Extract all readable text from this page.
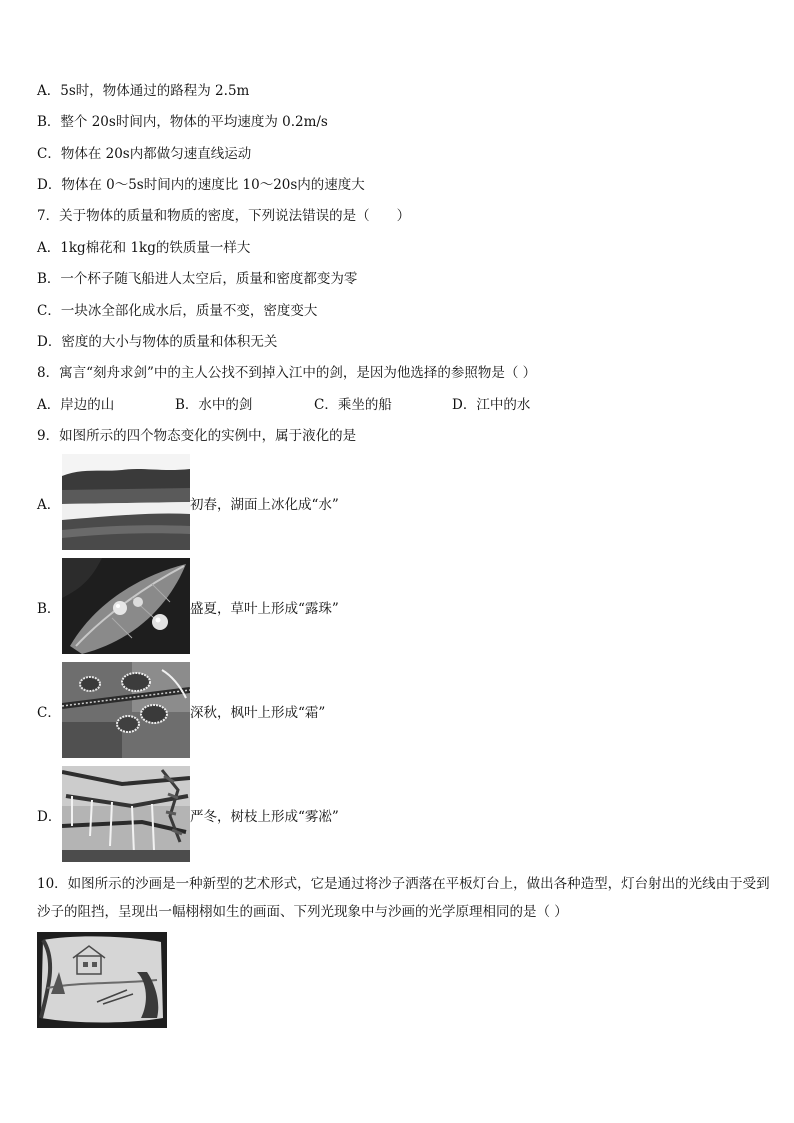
A．5s时，物体通过的路程为 2.5m
B．整个 20s时间内，物体的平均速度为 0.2m/s
C．物体在 20s内都做匀速直线运动
D．物体在 0～5s时间内的速度比 10～20s内的速度大
7．关于物体的质量和物质的密度，下列说法错误的是（　　）
A．1kg棉花和 1kg的铁质量一样大
B．一个杯子随飞船进人太空后，质量和密度都变为零
C．一块冰全部化成水后，质量不变，密度变大
D．密度的大小与物体的质量和体积无关
8．寓言“刻舟求剑”中的主人公找不到掉入江中的剑，是因为他选择的参照物是（ ）
A．岸边的山	B．水中的剑	C．乘坐的船	D．江中的水
9．如图所示的四个物态变化的实例中，属于液化的是
A．	初春，湖面上冰化成“水”
B．	盛夏，草叶上形成“露珠”
C．	深秋，枫叶上形成“霜”
D．	严冬，树枝上形成“雾凇”
10．如图所示的沙画是一种新型的艺术形式，它是通过将沙子洒落在平板灯台上，做出各种造型，灯台射出的光线由于受到沙子的阻挡，呈现出一幅栩栩如生的画面、下列光现象中与沙画的光学原理相同的是（ ）
